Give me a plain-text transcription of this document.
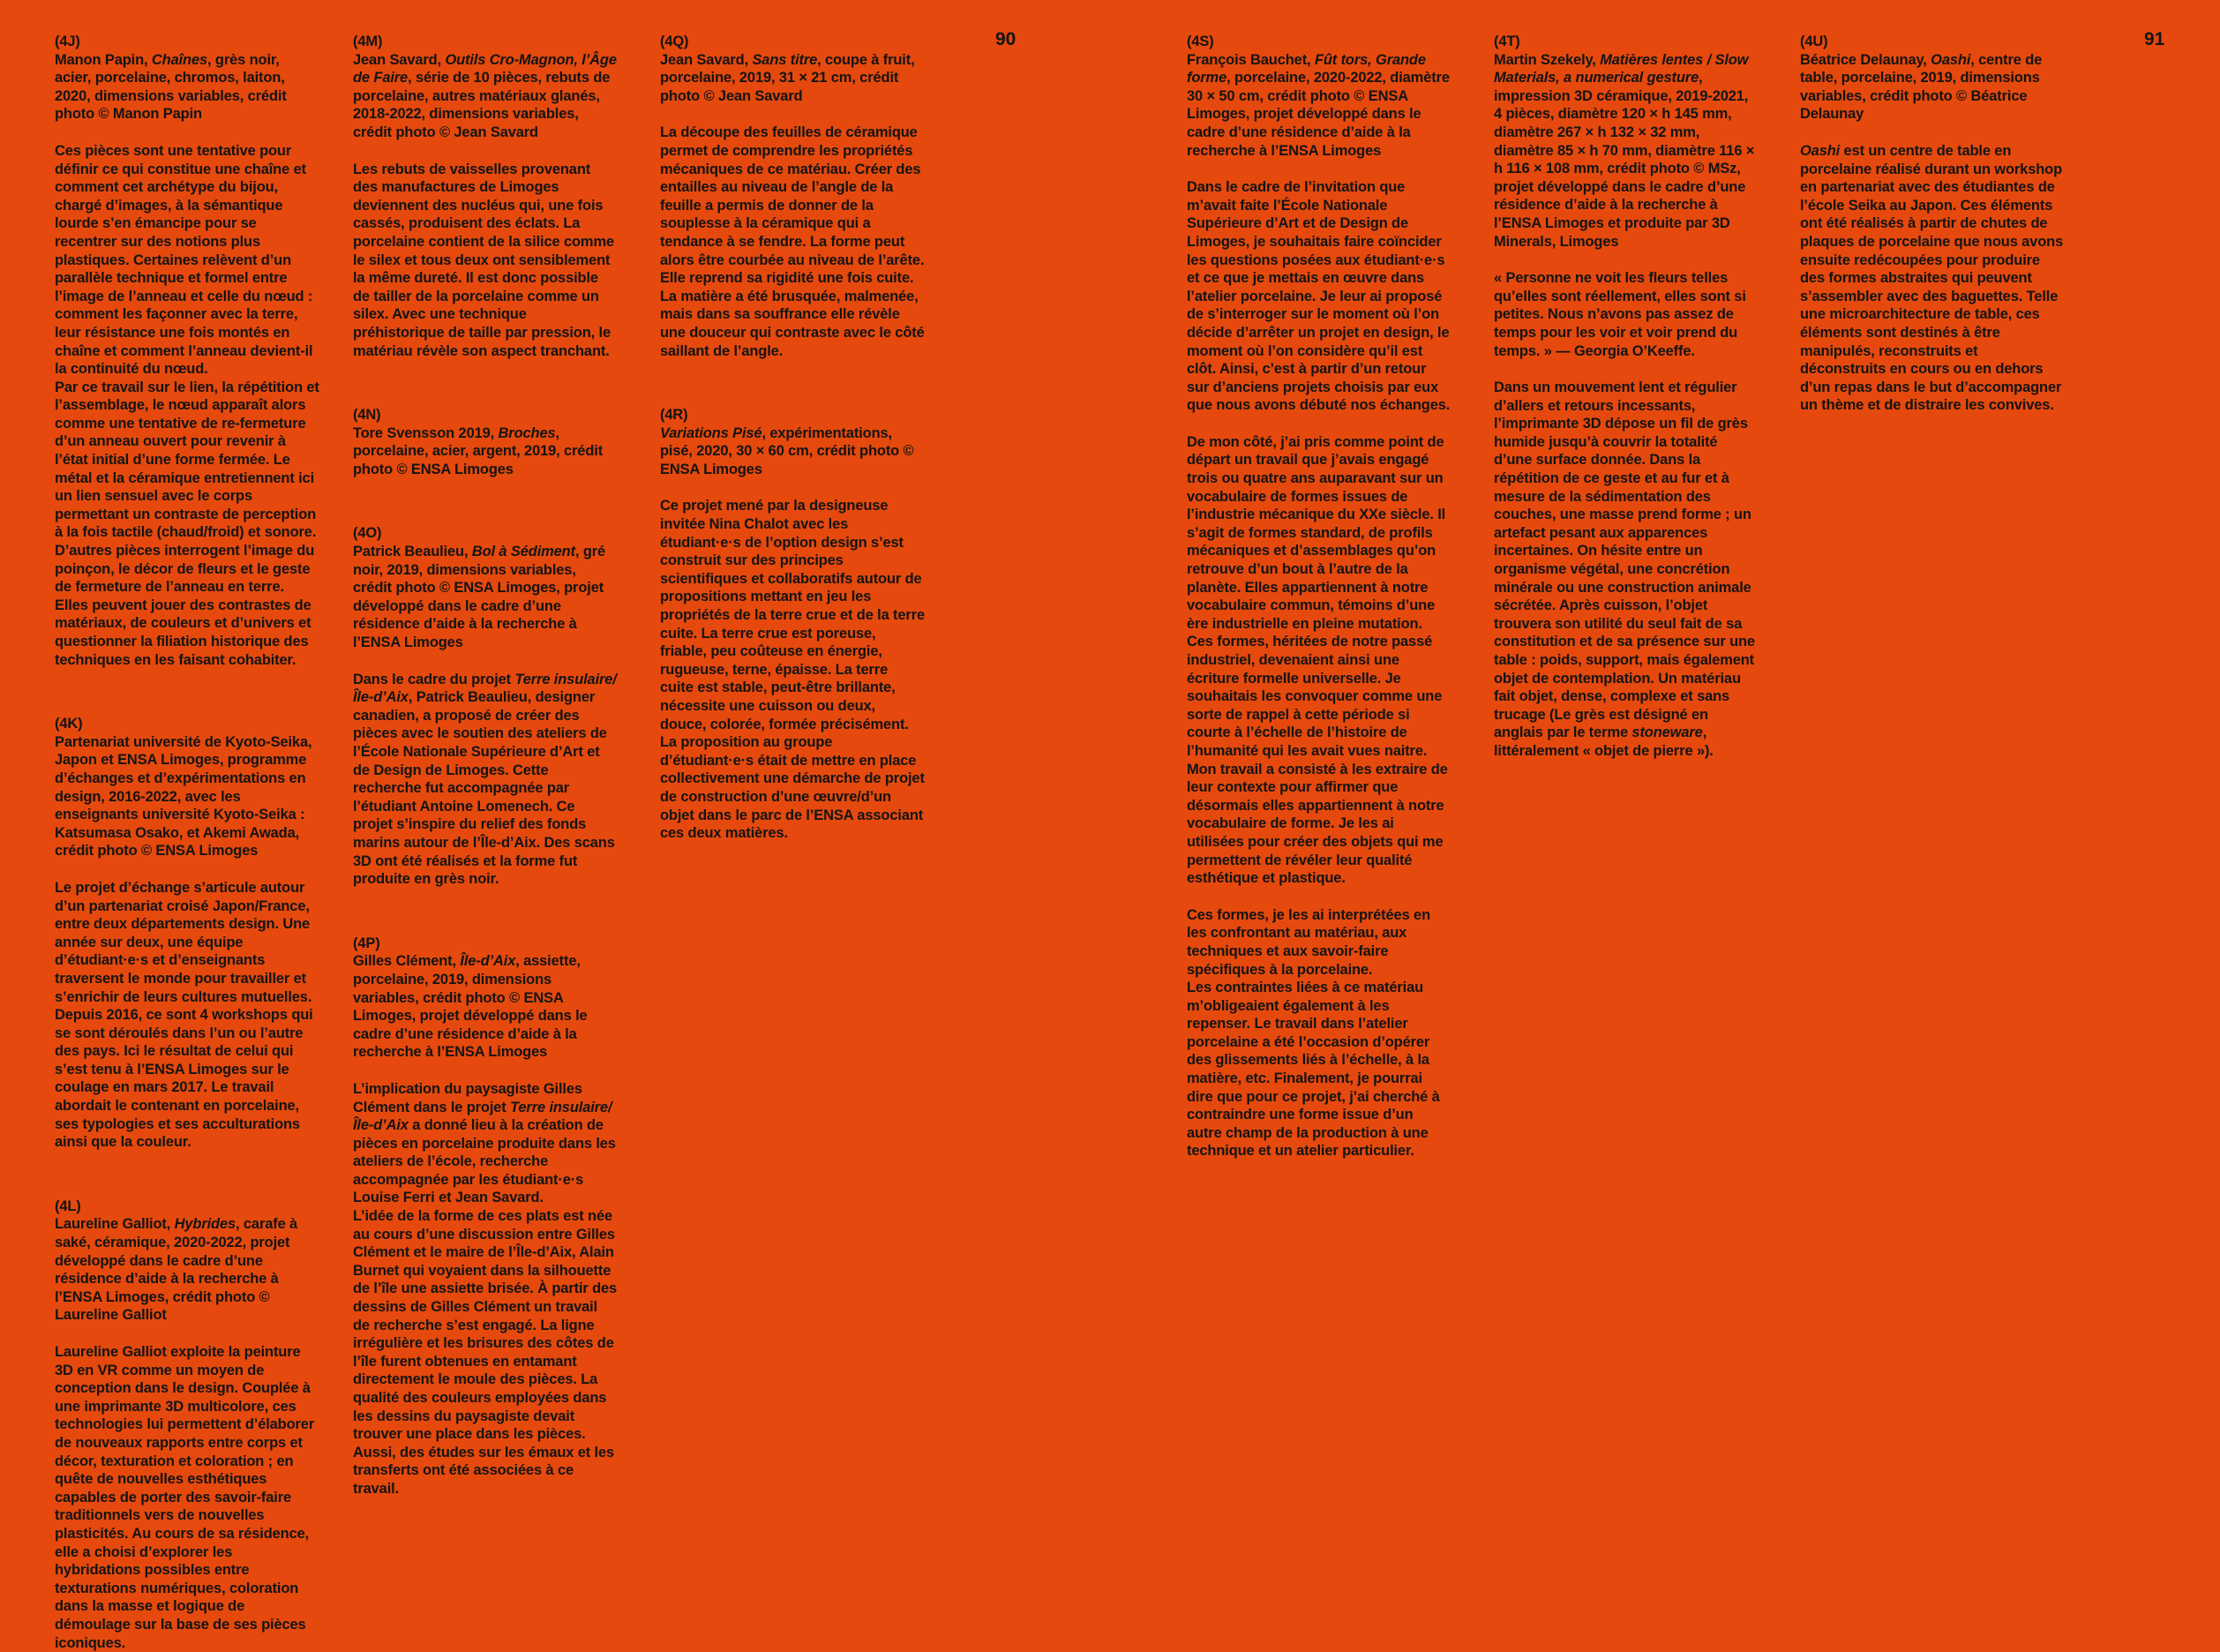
90	91

(4J)

Manon Papin, Chaînes, grès noir, acier, porcelaine, chromos, laiton, 2020, dimensions variables, crédit photo © Manon Papin

Ces pièces sont une tentative pour définir ce qui constitue une chaîne et comment cet archétype du bijou, chargé d’images, à la sémantique lourde s’en émancipe pour se recentrer sur des notions plus plastiques. Certaines relèvent d’un parallèle technique et formel entre l’image de l’anneau et celle du nœud : comment les façonner avec la terre, leur résistance une fois montés en chaîne et comment l’anneau devient-il la continuité du nœud.

Par ce travail sur le lien, la répétition et l’assemblage, le nœud apparaît alors comme une tentative de re-fermeture d’un anneau ouvert pour revenir à l’état initial d’une forme fermée. Le métal et la céramique entretiennent ici un lien sensuel avec le corps permettant un contraste de perception à la fois tactile (chaud/froid) et sonore. D’autres pièces interrogent l’image du poinçon, le décor de fleurs et le geste de fermeture de l’anneau en terre. Elles peuvent jouer des contrastes de matériaux, de couleurs et d’univers et questionner la filiation historique des techniques en les faisant cohabiter.

(4K)

Partenariat université de Kyoto-Seika, Japon et ENSA Limoges, programme d’échanges et d’expérimentations en design, 2016-2022, avec les enseignants université Kyoto-Seika : Katsumasa Osako, et Akemi Awada, crédit photo © ENSA Limoges

Le projet d’échange s’articule autour d’un partenariat croisé Japon/France, entre deux départements design. Une année sur deux, une équipe d’étudiant·e·s et d’enseignants traversent le monde pour travailler et s’enrichir de leurs cultures mutuelles. Depuis 2016, ce sont 4 workshops qui se sont déroulés dans l’un ou l’autre des pays. Ici le résultat de celui qui s’est tenu à l’ENSA Limoges sur le coulage en mars 2017. Le travail abordait le contenant en porcelaine, ses typologies et ses acculturations ainsi que la couleur.

(4L)

Laureline Galliot, Hybrides, carafe à saké, céramique, 2020-2022, projet développé dans le cadre d’une résidence d’aide à la recherche à l’ENSA Limoges, crédit photo © Laureline Galliot

Laureline Galliot exploite la peinture 3D en VR comme un moyen de conception dans le design. Couplée à une imprimante 3D multicolore, ces technologies lui permettent d’élaborer de nouveaux rapports entre corps et décor, texturation et coloration ; en quête de nouvelles esthétiques capables de porter des savoir-faire traditionnels vers de nouvelles plasticités. Au cours de sa résidence, elle a choisi d’explorer les hybridations possibles entre texturations numériques, coloration dans la masse et logique de démoulage sur la base de ses pièces iconiques.

(4M)

Jean Savard, Outils Cro-Magnon, l’Âge de Faire, série de 10 pièces, rebuts de porcelaine, autres matériaux glanés, 2018-2022, dimensions variables, crédit photo © Jean Savard

Les rebuts de vaisselles provenant des manufactures de Limoges deviennent des nucléus qui, une fois cassés, produisent des éclats. La porcelaine contient de la silice comme le silex et tous deux ont sensiblement la même dureté. Il est donc possible de tailler de la porcelaine comme un silex. Avec une technique préhistorique de taille par pression, le matériau révèle son aspect tranchant.

(4N)

Tore Svensson 2019, Broches, porcelaine, acier, argent, 2019, crédit photo © ENSA Limoges

(4O)

Patrick Beaulieu, Bol à Sédiment, gré noir, 2019, dimensions variables, crédit photo © ENSA Limoges, projet développé dans le cadre d’une résidence d’aide à la recherche à l’ENSA Limoges

Dans le cadre du projet Terre insulaire/Île-d’Aix, Patrick Beaulieu, designer canadien, a proposé de créer des pièces avec le soutien des ateliers de l’École Nationale Supérieure d’Art et de Design de Limoges. Cette recherche fut accompagnée par l’étudiant Antoine Lomenech. Ce projet s’inspire du relief des fonds marins autour de l’Île-d’Aix. Des scans 3D ont été réalisés et la forme fut produite en grès noir.

(4P)

Gilles Clément, Île-d’Aix, assiette, porcelaine, 2019, dimensions variables, crédit photo © ENSA Limoges, projet développé dans le cadre d’une résidence d’aide à la recherche à l’ENSA Limoges

L’implication du paysagiste Gilles Clément dans le projet Terre insulaire/Île-d’Aix a donné lieu à la création de pièces en porcelaine produite dans les ateliers de l’école, recherche accompagnée par les étudiant·e·s Louise Ferri et Jean Savard.

L’idée de la forme de ces plats est née au cours d’une discussion entre Gilles Clément et le maire de l’Île-d’Aix, Alain Burnet qui voyaient dans la silhouette de l’île une assiette brisée. À partir des dessins de Gilles Clément un travail de recherche s’est engagé. La ligne irrégulière et les brisures des côtes de l’île furent obtenues en entamant directement le moule des pièces. La qualité des couleurs employées dans les dessins du paysagiste devait trouver une place dans les pièces. Aussi, des études sur les émaux et les transferts ont été associées à ce travail.

(4Q)

Jean Savard, Sans titre, coupe à fruit, porcelaine, 2019, 31 × 21 cm, crédit photo © Jean Savard

La découpe des feuilles de céramique permet de comprendre les propriétés mécaniques de ce matériau. Créer des entailles au niveau de l’angle de la feuille a permis de donner de la souplesse à la céramique qui a tendance à se fendre. La forme peut alors être courbée au niveau de l’arête. Elle reprend sa rigidité une fois cuite. La matière a été brusquée, malmenée, mais dans sa souffrance elle révèle une douceur qui contraste avec le côté saillant de l’angle.

(4R)

Variations Pisé, expérimentations, pisé, 2020, 30 × 60 cm, crédit photo © ENSA Limoges

Ce projet mené par la designeuse invitée Nina Chalot avec les étudiant·e·s de l’option design s’est construit sur des principes scientifiques et collaboratifs autour de propositions mettant en jeu les propriétés de la terre crue et de la terre cuite. La terre crue est poreuse, friable, peu coûteuse en énergie, rugueuse, terne, épaisse. La terre cuite est stable, peut-être brillante, nécessite une cuisson ou deux, douce, colorée, formée précisément. La proposition au groupe d’étudiant·e·s était de mettre en place collectivement une démarche de projet de construction d’une œuvre/d’un objet dans le parc de l’ENSA associant ces deux matières.

(4S)

François Bauchet, Fût tors, Grande forme, porcelaine, 2020-2022, diamètre 30 × 50 cm, crédit photo © ENSA Limoges, projet développé dans le cadre d’une résidence d’aide à la recherche à l’ENSA Limoges

Dans le cadre de l’invitation que m’avait faite l’École Nationale Supérieure d’Art et de Design de Limoges, je souhaitais faire coïncider les questions posées aux étudiant·e·s et ce que je mettais en œuvre dans l’atelier porcelaine. Je leur ai proposé de s’interroger sur le moment où l’on décide d’arrêter un projet en design, le moment où l’on considère qu’il est clôt. Ainsi, c’est à partir d’un retour sur d’anciens projets choisis par eux que nous avons débuté nos échanges.

De mon côté, j’ai pris comme point de départ un travail que j’avais engagé trois ou quatre ans auparavant sur un vocabulaire de formes issues de l’industrie mécanique du XXe siècle. Il s’agit de formes standard, de profils mécaniques et d’assemblages qu’on retrouve d’un bout à l’autre de la planète. Elles appartiennent à notre vocabulaire commun, témoins d’une ère industrielle en pleine mutation. Ces formes, héritées de notre passé industriel, devenaient ainsi une écriture formelle universelle. Je souhaitais les convoquer comme une sorte de rappel à cette période si courte à l’échelle de l’histoire de l’humanité qui les avait vues naitre. Mon travail a consisté à les extraire de leur contexte pour affirmer que désormais elles appartiennent à notre vocabulaire de forme. Je les ai utilisées pour créer des objets qui me permettent de révéler leur qualité esthétique et plastique.

Ces formes, je les ai interprétées en les confrontant au matériau, aux techniques et aux savoir-faire spécifiques à la porcelaine.

Les contraintes liées à ce matériau m’obligeaient également à les repenser. Le travail dans l’atelier porcelaine a été l’occasion d’opérer des glissements liés à l’échelle, à la matière, etc. Finalement, je pourrai dire que pour ce projet, j’ai cherché à contraindre une forme issue d’un autre champ de la production à une technique et un atelier particulier.

(4T)

Martin Szekely, Matières lentes / Slow Materials, a numerical gesture, impression 3D céramique, 2019-2021, 4 pièces, diamètre 120 × h 145 mm, diamètre 267 × h 132 × 32 mm, diamètre 85 × h 70 mm, diamètre 116 × h 116 × 108 mm, crédit photo © MSz, projet développé dans le cadre d’une résidence d’aide à la recherche à l’ENSA Limoges et produite par 3D Minerals, Limoges

« Personne ne voit les fleurs telles qu’elles sont réellement, elles sont si petites. Nous n’avons pas assez de temps pour les voir et voir prend du temps. » — Georgia O’Keeffe.

Dans un mouvement lent et régulier d’allers et retours incessants, l’imprimante 3D dépose un fil de grès humide jusqu’à couvrir la totalité d’une surface donnée. Dans la répétition de ce geste et au fur et à mesure de la sédimentation des couches, une masse prend forme ; un artefact pesant aux apparences incertaines. On hésite entre un organisme végétal, une concrétion minérale ou une construction animale sécrétée. Après cuisson, l’objet trouvera son utilité du seul fait de sa constitution et de sa présence sur une table : poids, support, mais également objet de contemplation. Un matériau fait objet, dense, complexe et sans trucage (Le grès est désigné en anglais par le terme stoneware, littéralement « objet de pierre »).

(4U)

Béatrice Delaunay, Oashi, centre de table, porcelaine, 2019, dimensions variables, crédit photo © Béatrice Delaunay

Oashi est un centre de table en porcelaine réalisé durant un workshop en partenariat avec des étudiantes de l’école Seika au Japon. Ces éléments ont été réalisés à partir de chutes de plaques de porcelaine que nous avons ensuite redécoupées pour produire des formes abstraites qui peuvent s’assembler avec des baguettes. Telle une microarchitecture de table, ces éléments sont destinés à être manipulés, reconstruits et déconstruits en cours ou en dehors d’un repas dans le but d’accompagner un thème et de distraire les convives.
